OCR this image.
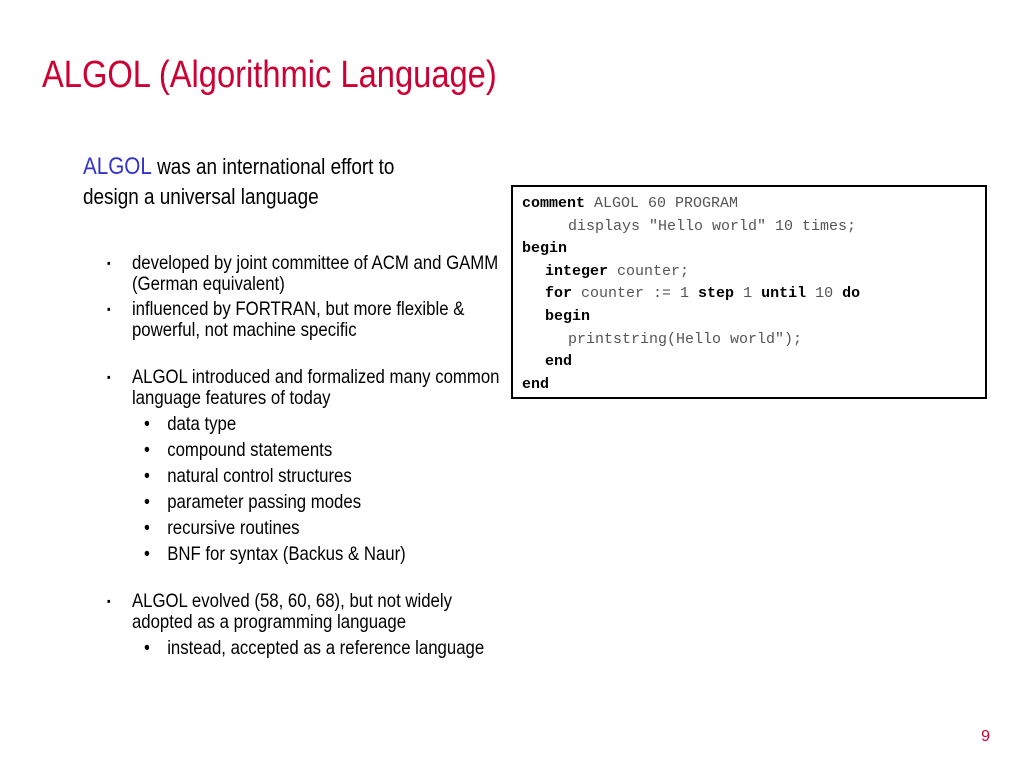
ALGOL (Algorithmic Language)
ALGOL was an international effort to
design a universal language
▪ developed by joint committee of ACM and GAMM (German equivalent)
▪ influenced by FORTRAN, but more flexible & powerful, not machine specific
▪ ALGOL introduced and formalized many common language features of today
• data type
• compound statements
• natural control structures
• parameter passing modes
• recursive routines
• BNF for syntax (Backus & Naur)
▪ ALGOL evolved (58, 60, 68), but not widely adopted as a programming language
• instead, accepted as a reference language
comment ALGOL 60 PROGRAM
displays "Hello world" 10 times;
begin
integer counter;
for counter := 1 step 1 until 10 do
begin
printstring(Hello world");
end
end
9
